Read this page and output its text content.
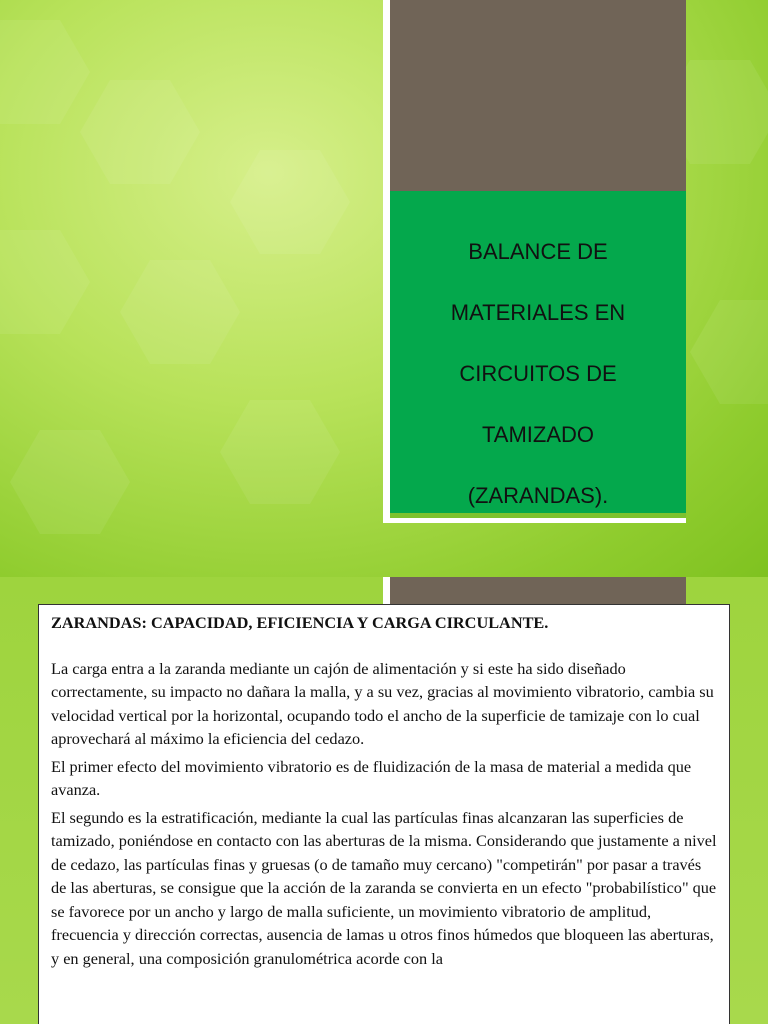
BALANCE DE
MATERIALES EN
CIRCUITOS DE
TAMIZADO
(ZARANDAS).

ZARANDAS: CAPACIDAD, EFICIENCIA Y CARGA CIRCULANTE.

La carga entra a la zaranda mediante un cajón de alimentación y si este ha sido diseñado correctamente, su impacto no dañara la malla, y a su vez, gracias al movimiento vibratorio, cambia su velocidad vertical por la horizontal, ocupando todo el ancho de la superficie de tamizaje con lo cual aprovechará al máximo la eficiencia del cedazo.

El primer efecto del movimiento vibratorio es de fluidización de la masa de material a medida que avanza.

El segundo es la estratificación, mediante la cual las partículas finas alcanzaran las superficies de tamizado, poniéndose en contacto con las aberturas de la misma. Considerando que justamente a nivel de cedazo, las partículas finas y gruesas (o de tamaño muy cercano) "competirán" por pasar a través de las aberturas, se consigue que la acción de la zaranda se convierta en un efecto "probabilístico" que se favorece por un ancho y largo de malla suficiente, un movimiento vibratorio de amplitud, frecuencia y dirección correctas, ausencia de lamas u otros finos húmedos que bloqueen las aberturas, y en general, una composición granulométrica acorde con la
